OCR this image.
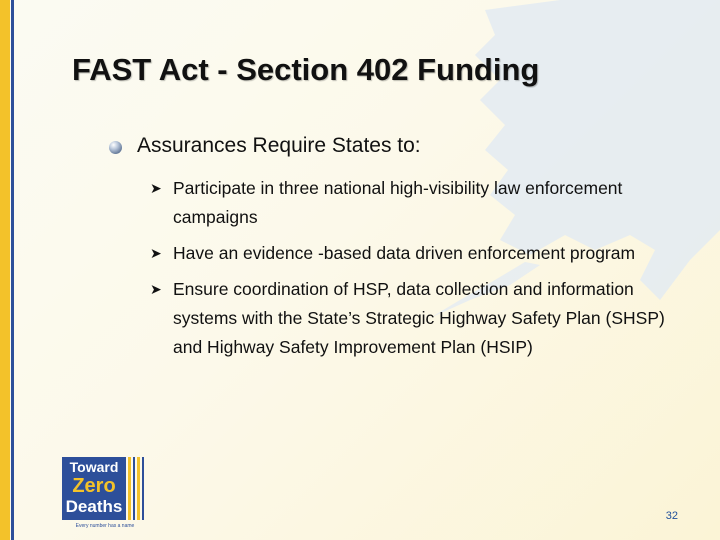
FAST Act - Section 402 Funding
Assurances Require States to:
➤ Participate in three national high-visibility law enforcement campaigns
➤ Have an evidence -based data driven enforcement program
➤ Ensure coordination of HSP, data collection and information systems with the State’s Strategic Highway Safety Plan (SHSP) and Highway Safety Improvement Plan (HSIP)
Toward
Zero
Deaths
Every number has a name
32
